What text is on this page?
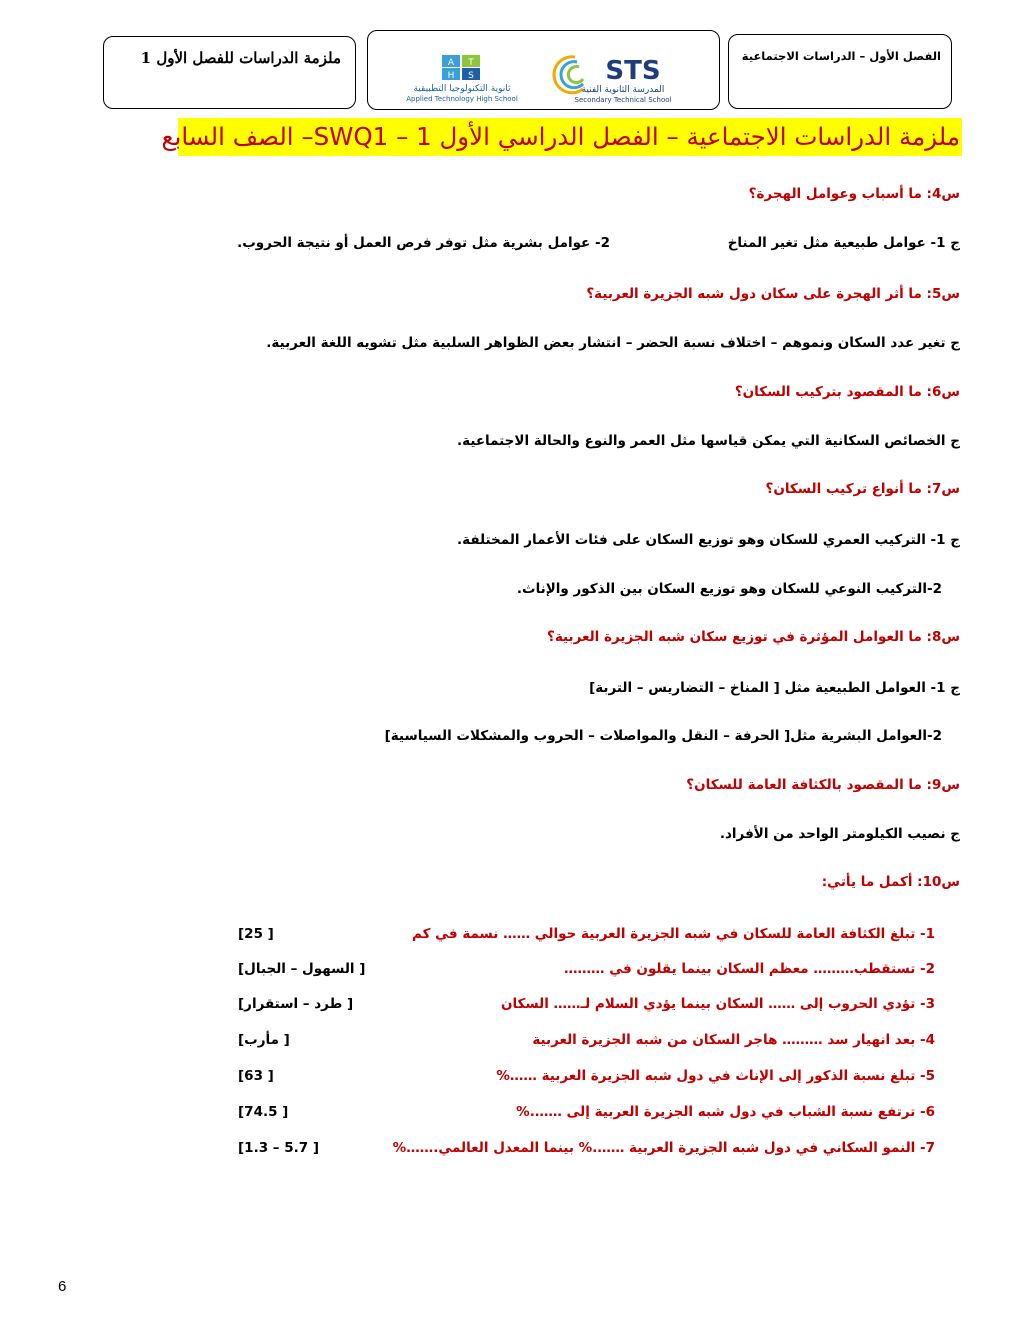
ملزمة الدراسات للفصل الأول 1	A T
H S
ثانوية التكنولوجيا التطبيقية
Applied Technology High School
STS
المدرسة الثانوية الفنية
Secondary Technical School
الفصل الأول – الدراسات الاجتماعية
ملزمة الدراسات الاجتماعية – الفصل الدراسي الأول 1 – SWQ1– الصف السابع
س4: ما أسباب وعوامل الهجرة؟
ج 1- عوامل طبيعية مثل تغير المناخ
2- عوامل بشرية مثل توفر فرص العمل أو نتيجة الحروب.
س5: ما أثر الهجرة على سكان دول شبه الجزيرة العربية؟
ج تغير عدد السكان ونموهم – اختلاف نسبة الحضر – انتشار بعض الظواهر السلبية مثل تشويه اللغة العربية.
س6: ما المقصود بتركيب السكان؟
ج الخصائص السكانية التي يمكن قياسها مثل العمر والنوع والحالة الاجتماعية.
س7: ما أنواع تركيب السكان؟
ج 1- التركيب العمري للسكان وهو توزيع السكان على فئات الأعمار المختلفة.
2-التركيب النوعي للسكان وهو توزيع السكان بين الذكور والإناث.
س8: ما العوامل المؤثرة في توزيع سكان شبه الجزيرة العربية؟
ج 1- العوامل الطبيعية مثل [ المناخ – التضاريس – التربة]
2-العوامل البشرية مثل[ الحرفة – النقل والمواصلات – الحروب والمشكلات السياسية]
س9: ما المقصود بالكثافة العامة للسكان؟
ج نصيب الكيلومتر الواحد من الأفراد.
س10: أكمل ما يأتي:
1- تبلغ الكثافة العامة للسكان في شبه الجزيرة العربية حوالي …… نسمة في كم
[ 25]
2- تستقطب……… معظم السكان بينما يقلون في ………
[ السهول – الجبال]
3- تؤدي الحروب إلى …… السكان بينما يؤدي السلام لـ…… السكان
[ طرد – استقرار]
4- بعد انهيار سد ……… هاجر السكان من شبه الجزيرة العربية
[ مأرب]
5- تبلغ نسبة الذكور إلى الإناث في دول شبه الجزيرة العربية ……%
[ 63]
6- ترتفع نسبة الشباب في دول شبه الجزيرة العربية إلى …….%
[ 74.5]
7- النمو السكاني في دول شبه الجزيرة العربية …….% بينما المعدل العالمي.……%
[ 5.7 – 1.3]
6
